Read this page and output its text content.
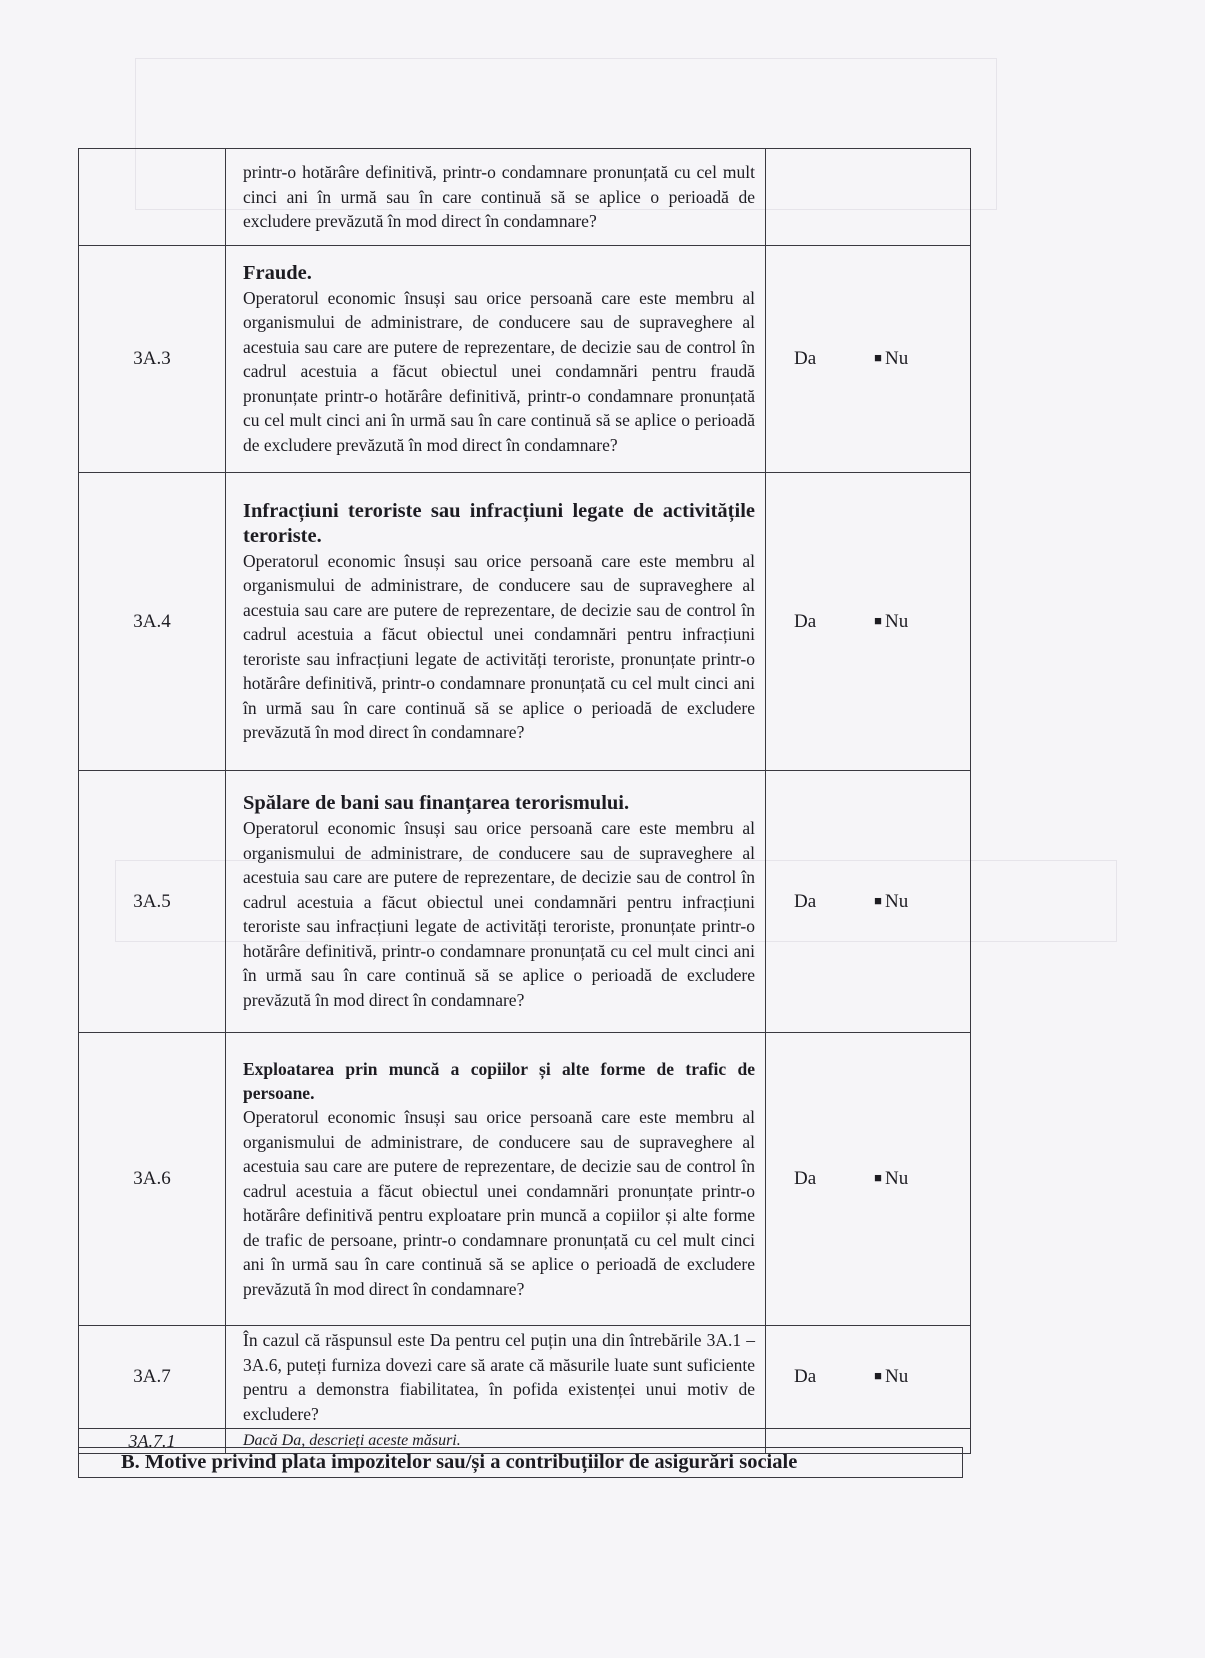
	printr-o hotărâre definitivă, printr-o condamnare pronunțată cu cel mult cinci ani în urmă sau în care continuă să se aplice o perioadă de excludere prevăzută în mod direct în condamnare?	
3A.3	Fraude.
Operatorul economic însuși sau orice persoană care este membru al organismului de administrare, de conducere sau de supraveghere al acestuia sau care are putere de reprezentare, de decizie sau de control în cadrul acestuia a făcut obiectul unei condamnări pentru fraudă pronunțate printr-o hotărâre definitivă, printr-o condamnare pronunțată cu cel mult cinci ani în urmă sau în care continuă să se aplice o perioadă de excludere prevăzută în mod direct în condamnare?	Da ■ Nu
3A.4	Infracțiuni teroriste sau infracțiuni legate de activitățile teroriste.
Operatorul economic însuși sau orice persoană care este membru al organismului de administrare, de conducere sau de supraveghere al acestuia sau care are putere de reprezentare, de decizie sau de control în cadrul acestuia a făcut obiectul unei condamnări pentru infracțiuni teroriste sau infracțiuni legate de activități teroriste, pronunțate printr-o hotărâre definitivă, printr-o condamnare pronunțată cu cel mult cinci ani în urmă sau în care continuă să se aplice o perioadă de excludere prevăzută în mod direct în condamnare?	Da ■ Nu
3A.5	Spălare de bani sau finanțarea terorismului.
Operatorul economic însuși sau orice persoană care este membru al organismului de administrare, de conducere sau de supraveghere al acestuia sau care are putere de reprezentare, de decizie sau de control în cadrul acestuia a făcut obiectul unei condamnări pentru infracțiuni teroriste sau infracțiuni legate de activități teroriste, pronunțate printr-o hotărâre definitivă, printr-o condamnare pronunțată cu cel mult cinci ani în urmă sau în care continuă să se aplice o perioadă de excludere prevăzută în mod direct în condamnare?	Da ■ Nu
3A.6	Exploatarea prin muncă a copiilor și alte forme de trafic de persoane.
Operatorul economic însuși sau orice persoană care este membru al organismului de administrare, de conducere sau de supraveghere al acestuia sau care are putere de reprezentare, de decizie sau de control în cadrul acestuia a făcut obiectul unei condamnări pronunțate printr-o hotărâre definitivă pentru exploatare prin muncă a copiilor și alte forme de trafic de persoane, printr-o condamnare pronunțată cu cel mult cinci ani în urmă sau în care continuă să se aplice o perioadă de excludere prevăzută în mod direct în condamnare?	Da ■ Nu
3A.7	În cazul că răspunsul este Da pentru cel puțin una din întrebările 3A.1 – 3A.6, puteți furniza dovezi care să arate că măsurile luate sunt suficiente pentru a demonstra fiabilitatea, în pofida existenței unui motiv de excludere?	Da ■ Nu
3A.7.1	Dacă Da, descrieți aceste măsuri.	
B. Motive privind plata impozitelor sau/și a contribuțiilor de asigurări sociale
